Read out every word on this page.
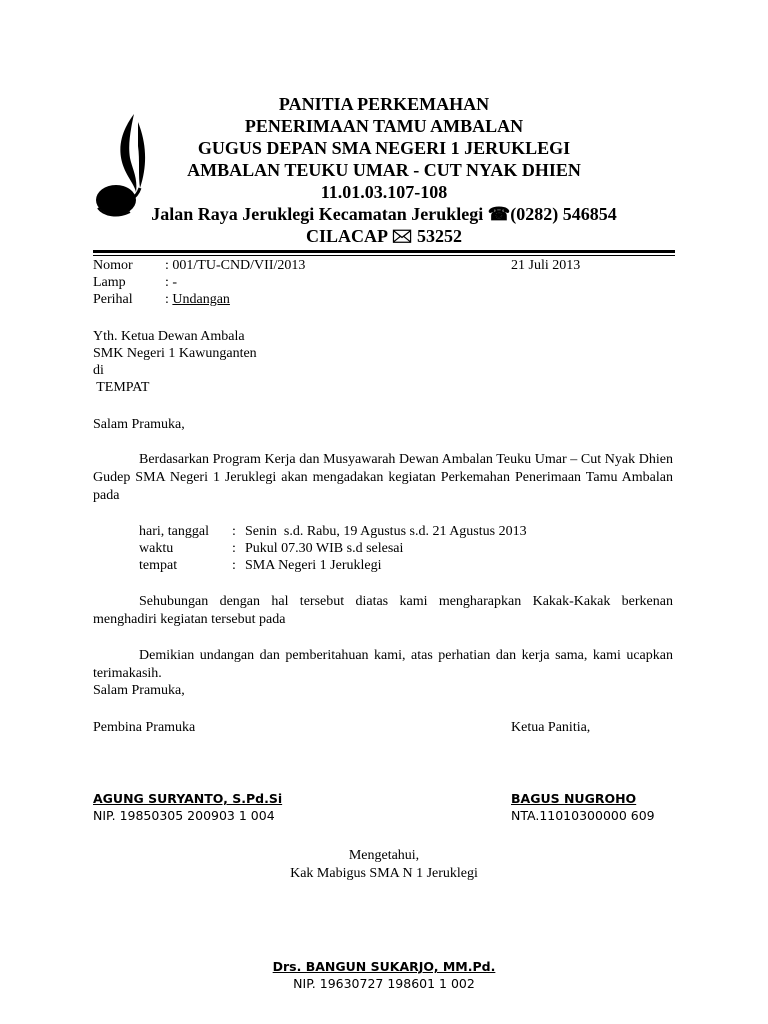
PANITIA PERKEMAHAN
PENERIMAAN TAMU AMBALAN
GUGUS DEPAN SMA NEGERI 1 JERUKLEGI
AMBALAN TEUKU UMAR - CUT NYAK DHIEN
11.01.03.107-108
Jalan Raya Jeruklegi Kecamatan Jeruklegi ☎(0282) 546854
CILACAP 🖂 53252
Nomor : 001/TU-CND/VII/2013	21 Juli 2013
Lamp	: -
Perihal : Undangan
Yth. Ketua Dewan Ambala
SMK Negeri 1 Kawunganten
di
TEMPAT
Salam Pramuka,
Berdasarkan Program Kerja dan Musyawarah Dewan Ambalan Teuku Umar – Cut Nyak Dhien Gudep SMA Negeri 1 Jeruklegi akan mengadakan kegiatan Perkemahan Penerimaan Tamu Ambalan pada
hari, tanggal : Senin  s.d. Rabu, 19 Agustus s.d. 21 Agustus 2013
waktu	: Pukul 07.30 WIB s.d selesai
tempat	: SMA Negeri 1 Jeruklegi
Sehubungan dengan hal tersebut diatas kami mengharapkan Kakak-Kakak berkenan menghadiri kegiatan tersebut pada
Demikian undangan dan pemberitahuan kami, atas perhatian dan kerja sama, kami ucapkan terimakasih.
Salam Pramuka,
Pembina Pramuka	Ketua Panitia,
AGUNG SURYANTO, S.Pd.Si
NIP. 19850305 200903 1 004
BAGUS NUGROHO
NTA.11010300000 609
Mengetahui,
Kak Mabigus SMA N 1 Jeruklegi
Drs. BANGUN SUKARJO, MM.Pd.
NIP. 19630727 198601 1 002
